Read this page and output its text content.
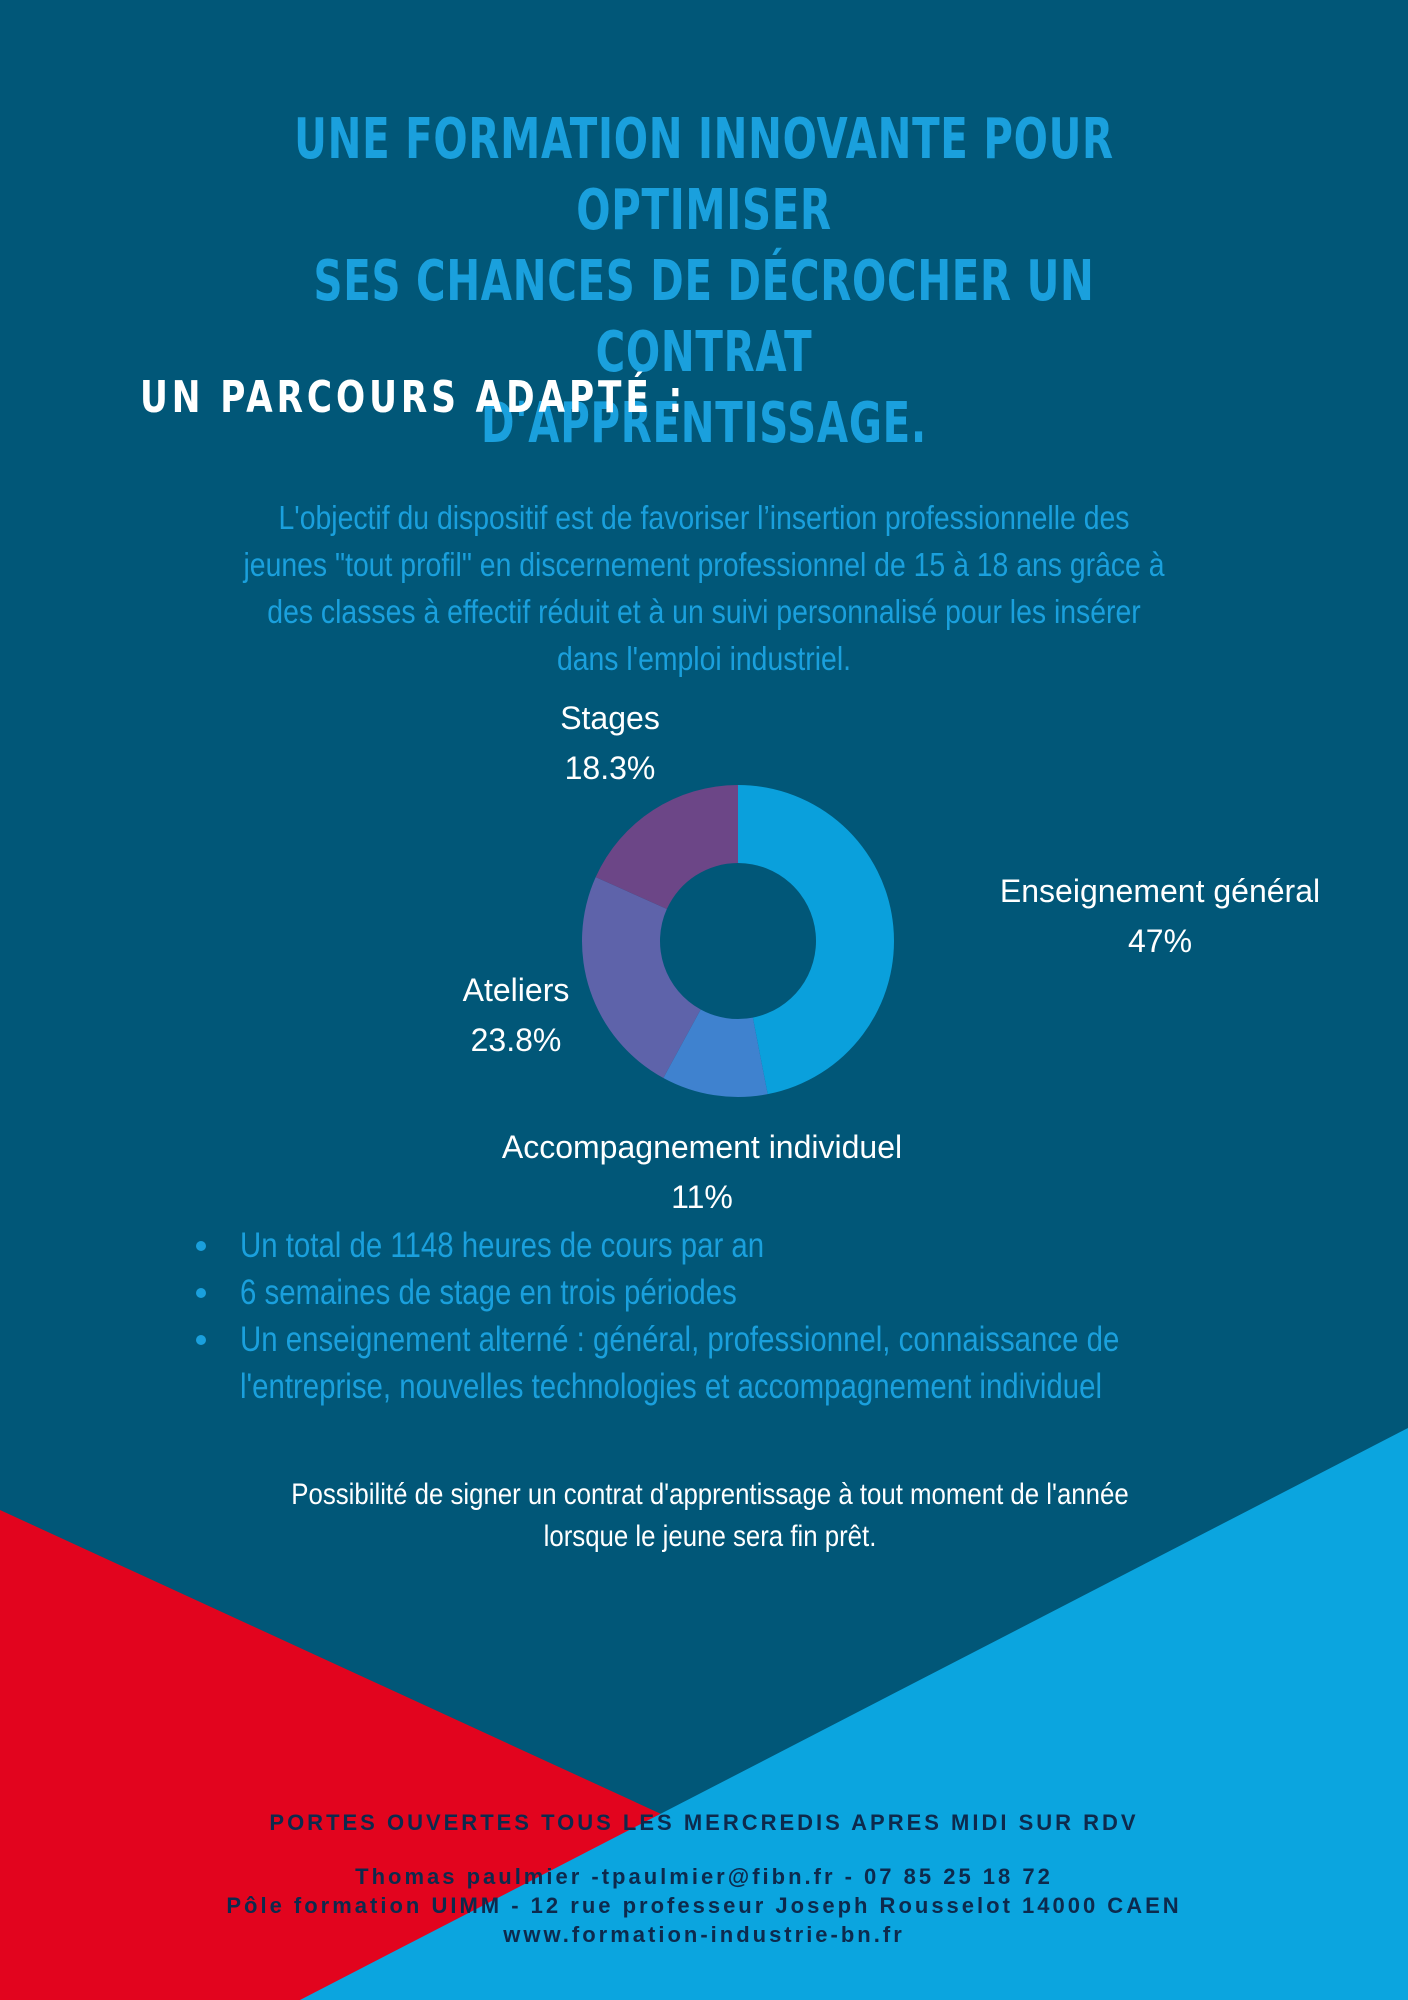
UNE FORMATION INNOVANTE POUR OPTIMISER
SES CHANCES DE DÉCROCHER UN CONTRAT
D'APPRENTISSAGE.
UN PARCOURS ADAPTÉ :
L'objectif du dispositif est de favoriser l’insertion professionnelle des
jeunes "tout profil" en discernement professionnel de 15 à 18 ans grâce à
des classes à effectif réduit et à un suivi personnalisé pour les insérer
dans l'emploi industriel.
Stages
18.3%
Enseignement général
47%
Ateliers
23.8%
Accompagnement individuel
11%
Un total de 1148 heures de cours par an
6 semaines de stage en trois périodes
Un enseignement alterné : général, professionnel, connaissance de
l'entreprise, nouvelles technologies et accompagnement individuel
Possibilité de signer un contrat d'apprentissage à tout moment de l'année
lorsque le jeune sera fin prêt.
PORTES OUVERTES TOUS LES MERCREDIS APRES MIDI SUR RDV
Thomas paulmier -tpaulmier@fibn.fr - 07 85 25 18 72
Pôle formation UIMM - 12 rue professeur Joseph Rousselot 14000 CAEN
www.formation-industrie-bn.fr
